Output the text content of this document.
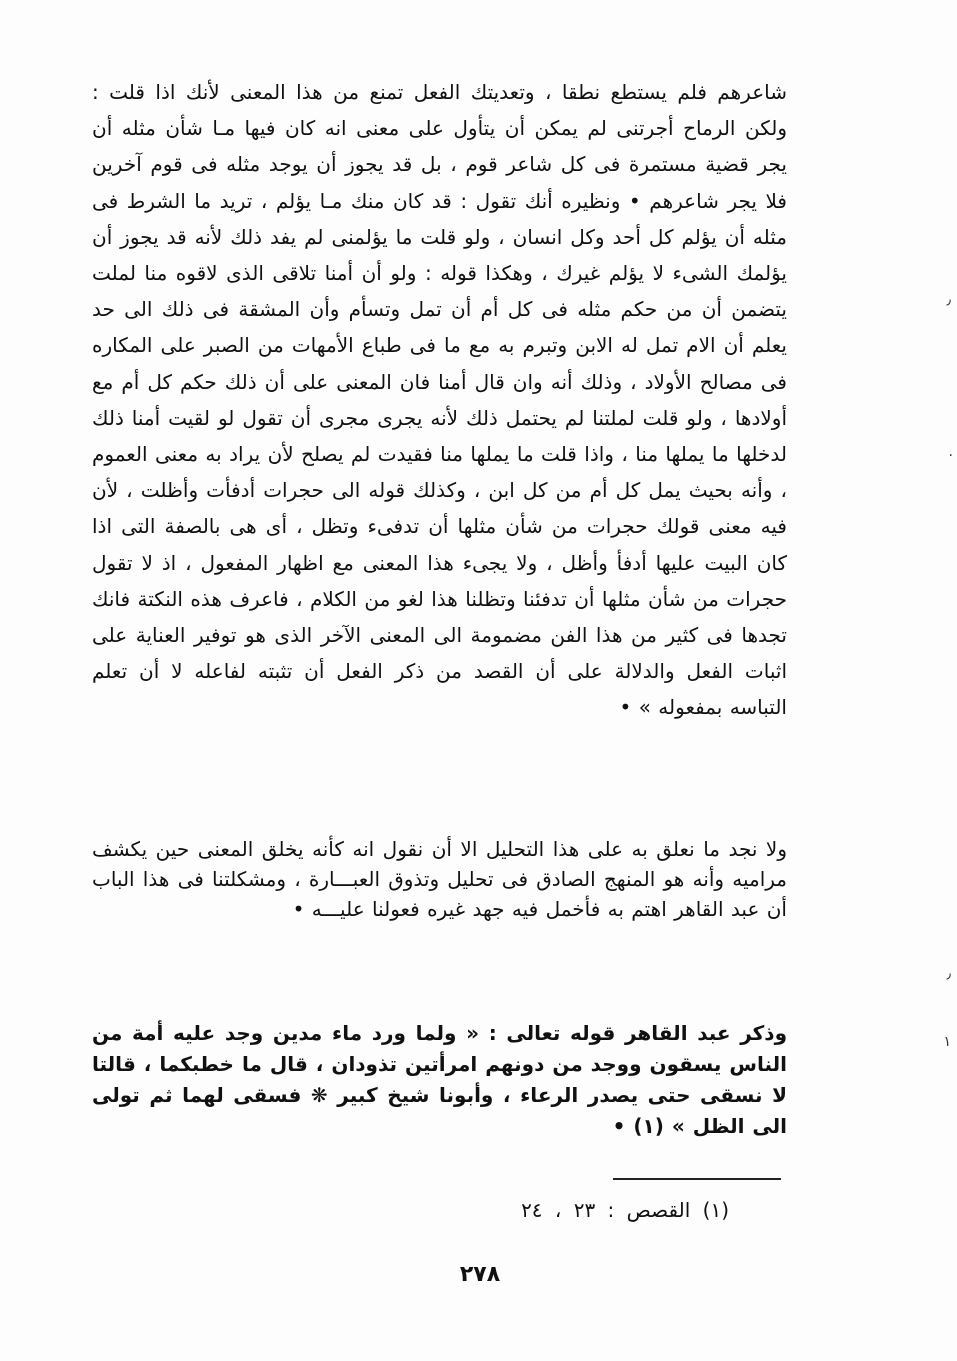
شاعرهم فلم يستطع نطقا ، وتعديتك الفعل تمنع من هذا المعنى لأنك اذا قلت : ولكن الرماح أجرتنى لم يمكن أن يتأول على معنى انه كان فيها مـا شأن مثله أن يجر قضية مستمرة فى كل شاعر قوم ، بل قد يجوز أن يوجد مثله فى قوم آخرين فلا يجر شاعرهم • ونظيره أنك تقول : قد كان منك مـا يؤلم ، تريد ما الشرط فى مثله أن يؤلم كل أحد وكل انسان ، ولو قلت ما يؤلمنى لم يفد ذلك لأنه قد يجوز أن يؤلمك الشىء لا يؤلم غيرك ، وهكذا قوله : ولو أن أمنا تلاقى الذى لاقوه منا لملت يتضمن أن من حكم مثله فى كل أم أن تمل وتسأم وأن المشقة فى ذلك الى حد يعلم أن الام تمل له الابن وتبرم به مع ما فى طباع الأمهات من الصبر على المكاره فى مصالح الأولاد ، وذلك أنه وان قال أمنا فان المعنى على أن ذلك حكم كل أم مع أولادها ، ولو قلت لملتنا لم يحتمل ذلك لأنه يجرى مجرى أن تقول لو لقيت أمنا ذلك لدخلها ما يملها منا ، واذا قلت ما يملها منا فقيدت لم يصلح لأن يراد به معنى العموم ، وأنه بحيث يمل كل أم من كل ابن ، وكذلك قوله الى حجرات أدفأت وأظلت ، لأن فيه معنى قولك حجرات من شأن مثلها أن تدفىء وتظل ، أى هى بالصفة التى اذا كان البيت عليها أدفأ وأظل ، ولا يجىء هذا المعنى مع اظهار المفعول ، اذ لا تقول حجرات من شأن مثلها أن تدفئنا وتظلنا هذا لغو من الكلام ، فاعرف هذه النكتة فانك تجدها فى كثير من هذا الفن مضمومة الى المعنى الآخر الذى هو توفير العناية على اثبات الفعل والدلالة على أن القصد من ذكر الفعل أن تثبته لفاعله لا أن تعلم التباسه بمفعوله » •
ولا نجد ما نعلق به على هذا التحليل الا أن نقول انه كأنه يخلق المعنى حين يكشف مراميه وأنه هو المنهج الصادق فى تحليل وتذوق العبـــارة ، ومشكلتنا فى هذا الباب أن عبد القاهر اهتم به فأخمل فيه جهد غيره فعولنا عليـــه •
وذكر عبد القاهر قوله تعالى : « ولما ورد ماء مدين وجد عليه أمة من الناس يسقون ووجد من دونهم امرأتين تذودان ، قال ما خطبكما ، قالتا لا نسقى حتى يصدر الرعاء ، وأبونا شيخ كبير ❋ فسقى لهما ثم تولى الى الظل » (١) •
(١) القصص : ٢٣ ، ٢٤
٢٧٨
٫
·
٫
١
